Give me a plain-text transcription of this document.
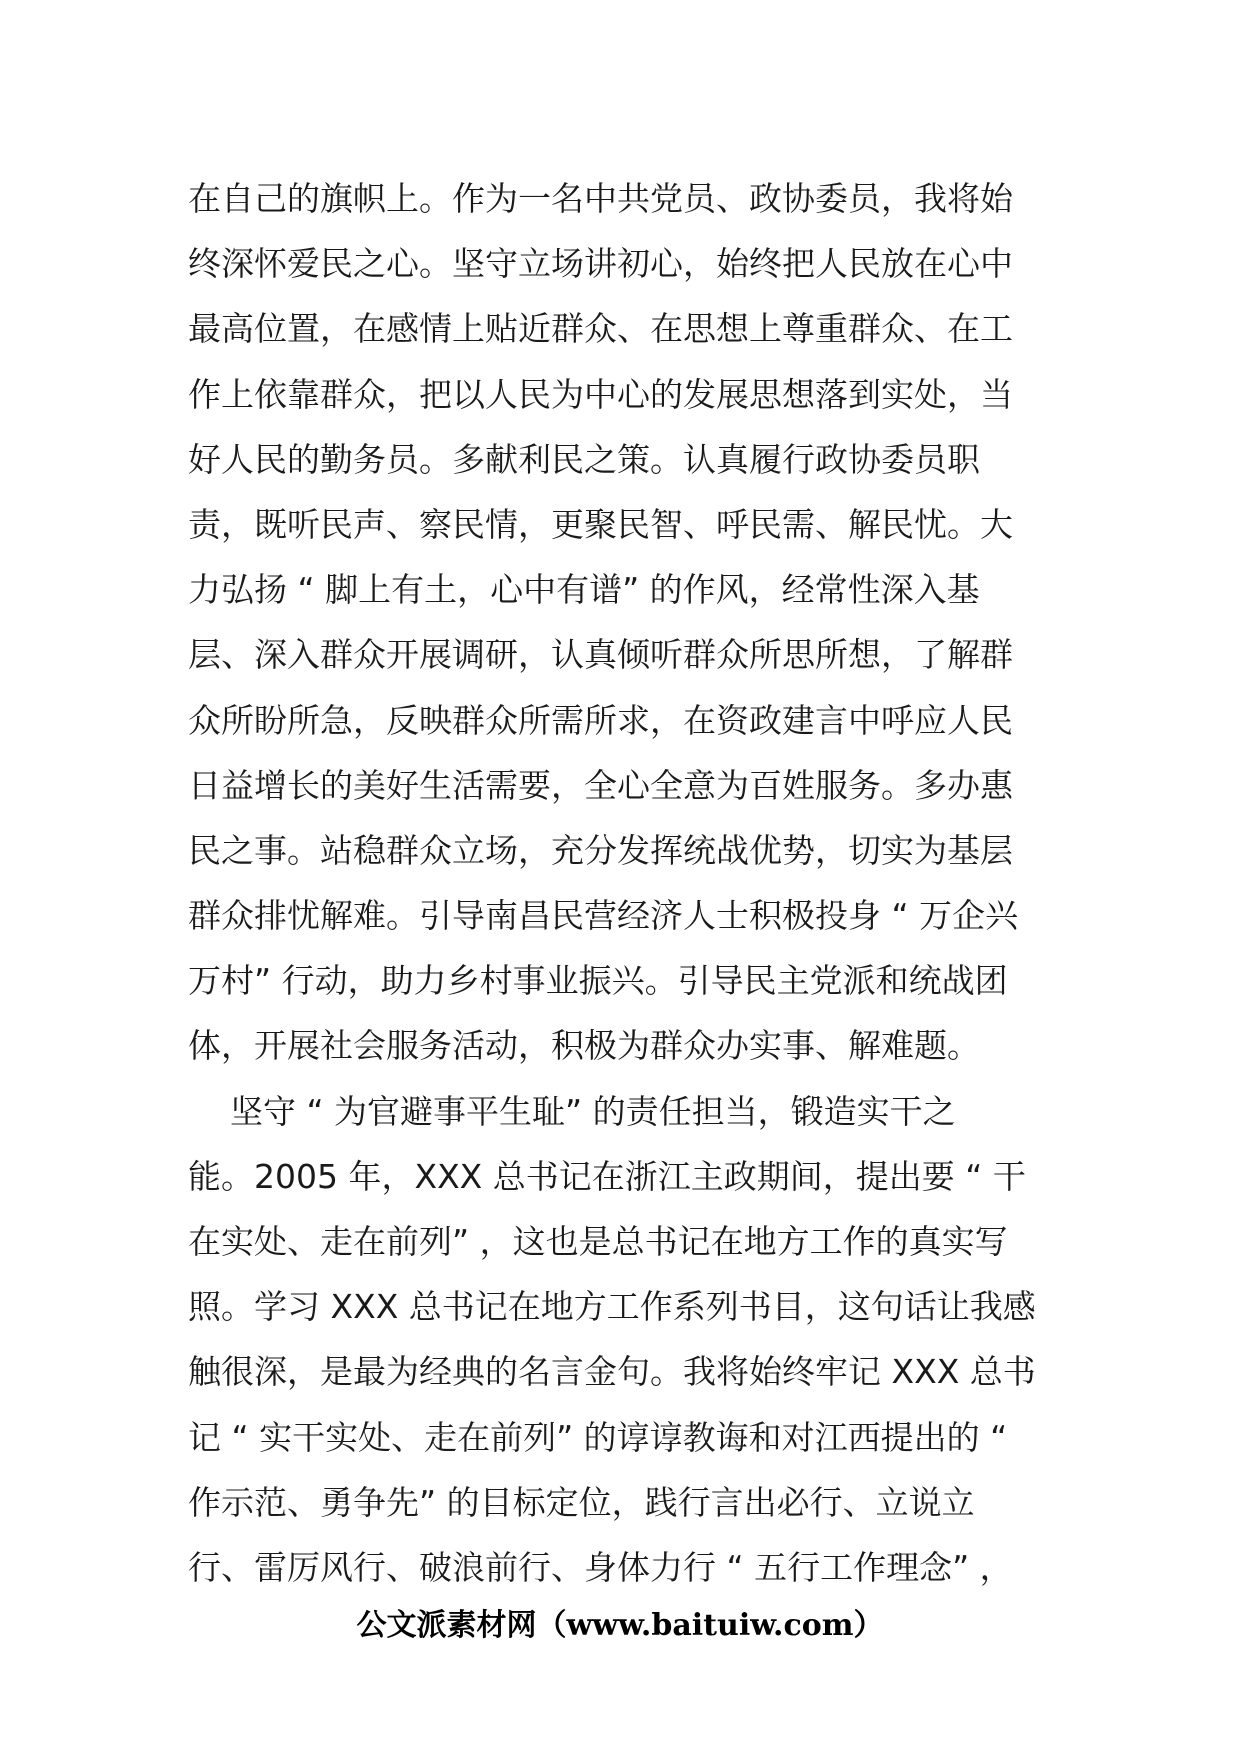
在自己的旗帜上。作为一名中共党员、政协委员，我将始
终深怀爱民之心。坚守立场讲初心，始终把人民放在心中
最高位置，在感情上贴近群众、在思想上尊重群众、在工
作上依靠群众，把以人民为中心的发展思想落到实处，当
好人民的勤务员。多献利民之策。认真履行政协委员职
责，既听民声、察民情，更聚民智、呼民需、解民忧。大
力弘扬 “ 脚上有土，心中有谱” 的作风，经常性深入基
层、深入群众开展调研，认真倾听群众所思所想，了解群
众所盼所急，反映群众所需所求，在资政建言中呼应人民
日益增长的美好生活需要，全心全意为百姓服务。多办惠
民之事。站稳群众立场，充分发挥统战优势，切实为基层
群众排忧解难。引导南昌民营经济人士积极投身 “ 万企兴
万村” 行动，助力乡村事业振兴。引导民主党派和统战团
体，开展社会服务活动，积极为群众办实事、解难题。
坚守 “ 为官避事平生耻” 的责任担当，锻造实干之
能。2005 年，XXX 总书记在浙江主政期间，提出要 “ 干
在实处、走在前列” ，这也是总书记在地方工作的真实写
照。学习 XXX 总书记在地方工作系列书目，这句话让我感
触很深，是最为经典的名言金句。我将始终牢记 XXX 总书
记 “ 实干实处、走在前列” 的谆谆教诲和对江西提出的 “
作示范、勇争先” 的目标定位，践行言出必行、立说立
行、雷厉风行、破浪前行、身体力行 “ 五行工作理念” ，
公文派素材网（www.baituiw.com）
